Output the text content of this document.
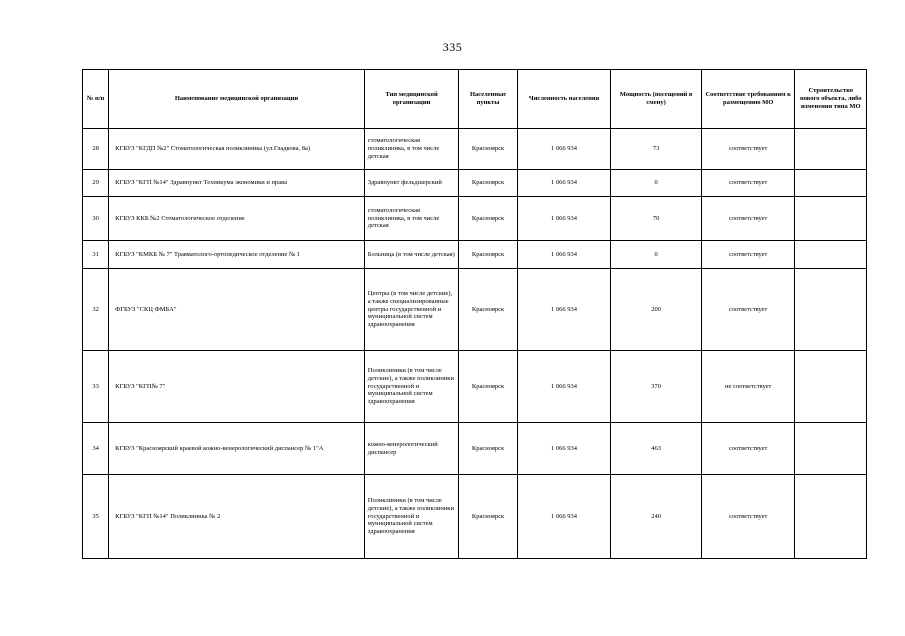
335
№ п/п	Наименование медицинской организации	Тип медицинской организации	Населенные пункты	Численность населения	Мощность (посещений в смену)	Соответствие требованиям к размещению МО	Строительство нового объекта, либо изменения типа МО
28	КГБУЗ "КГДП №2" Стоматологическая поликлиника (ул.Гладкова, 8а)	стоматологическая поликлиника, в том числе детская	Красноярск	1 066 934	73	соответствует	
29	КГБУЗ "КГП №14" Здравпункт Техникума экономики и права	Здравпункт фельдшерский	Красноярск	1 066 934	0	соответствует	
30	КГБУЗ ККБ №2 Стоматологическое отделение	стоматологическая поликлиника, в том числе детская	Красноярск	1 066 934	70	соответствует	
31	КГБУЗ "КМКБ № 7" Травматолого-ортопедическое отделение № 1	Больница (в том числе детская)	Красноярск	1 066 934	0	соответствует	
32	ФГБУЗ "СКЦ ФМБА"	Центры (в том числе детские), а также специализированные центры государственной и муниципальной систем здравоохранения	Красноярск	1 066 934	200	соответствует	
33	КГБУЗ "КГП№ 7"	Поликлиники (в том числе детские), а также поликлиники государственной и муниципальной систем здравоохранения	Красноярск	1 066 934	370	не соответствует	
34	КГБУЗ "Красноярский краевой кожно-венерологический диспансер № 1"А	кожно-венерологический диспансер	Красноярск	1 066 934	463	соответствует	
35	КГБУЗ "КГП №14" Поликлиника № 2	Поликлиники (в том числе детские), а также поликлиники государственной и муниципальной систем здравоохранения	Красноярск	1 066 934	240	соответствует	
